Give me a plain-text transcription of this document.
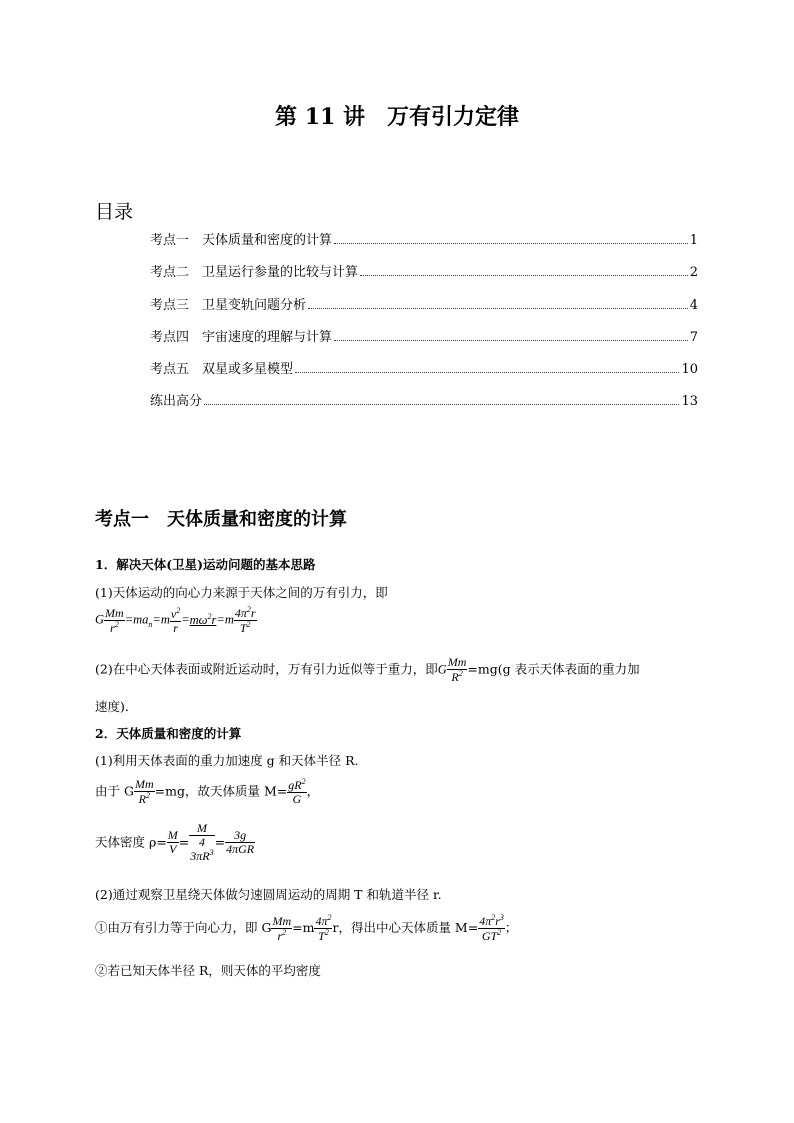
第 11 讲　万有引力定律
目录
考点一　天体质量和密度的计算	1
考点二　卫星运行参量的比较与计算	2
考点三　卫星变轨问题分析	4
考点四　宇宙速度的理解与计算	7
考点五　双星或多星模型	10
练出高分	13
考点一　天体质量和密度的计算
1．解决天体(卫星)运动问题的基本思路
(1)天体运动的向心力来源于天体之间的万有引力，即
G $\frac{Mm}{r^2} =ma_n=m \frac{v^2}{r} =m\omega^2r=m \frac{4\pi^2r}{T^2}$
(2)在中心天体表面或附近运动时，万有引力近似等于重力，即G $\frac{Mm}{R^2} =mg(g$ 表示天体表面的重力加
速度)．
2．天体质量和密度的计算
(1)利用天体表面的重力加速度 g 和天体半径 R.
由于 G $\frac{Mm}{R^2} =mg$，故天体质量 $M= \frac{gR^2}{G}$ ，
天体密度 $\rho= \frac{M}{V}$ =
M
4
$3\pi R^3$
= $\frac{3g}{\text{4πGR}}$
(2)通过观察卫星绕天体做匀速圆周运动的周期 T 和轨道半径 r.
①由万有引力等于向心力，即 G $\frac{Mm}{r^2} =m \frac{4\pi^2}{T^2}$ r，得出中心天体质量 $M= \frac{4\pi^2r^3}{GT^2}$ ；
②若已知天体半径 R，则天体的平均密度
